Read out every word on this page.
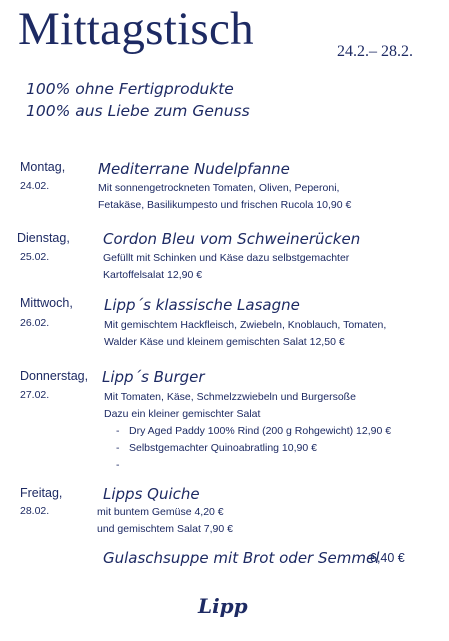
Mittagstisch	24.2.– 28.2.
100% ohne Fertigprodukte
100% aus Liebe zum Genuss
Montag,
24.02.
Mediterrane Nudelpfanne
Mit sonnengetrockneten Tomaten, Oliven, Peperoni,
Fetakäse, Basilikumpesto und frischen Rucola 10,90 €
Dienstag,
25.02.
Cordon Bleu vom Schweinerücken
Gefüllt mit Schinken und Käse dazu selbstgemachter
Kartoffelsalat 12,90 €
Mittwoch,
26.02.
Lipp´s klassische Lasagne
Mit gemischtem Hackfleisch, Zwiebeln, Knoblauch, Tomaten,
Walder Käse und kleinem gemischten Salat 12,50 €
Donnerstag,
27.02.
Lipp´s Burger
Mit Tomaten, Käse, Schmelzzwiebeln und Burgersoße
Dazu ein kleiner gemischter Salat
- Dry Aged Paddy 100% Rind (200 g Rohgewicht) 12,90 €
- Selbstgemachter Quinoabratling 10,90 €
-
Freitag,
28.02.
Lipps Quiche
mit buntem Gemüse 4,20 €
und gemischtem Salat 7,90 €
Gulaschsuppe mit Brot oder Semmel
6,40 €
Lipp
